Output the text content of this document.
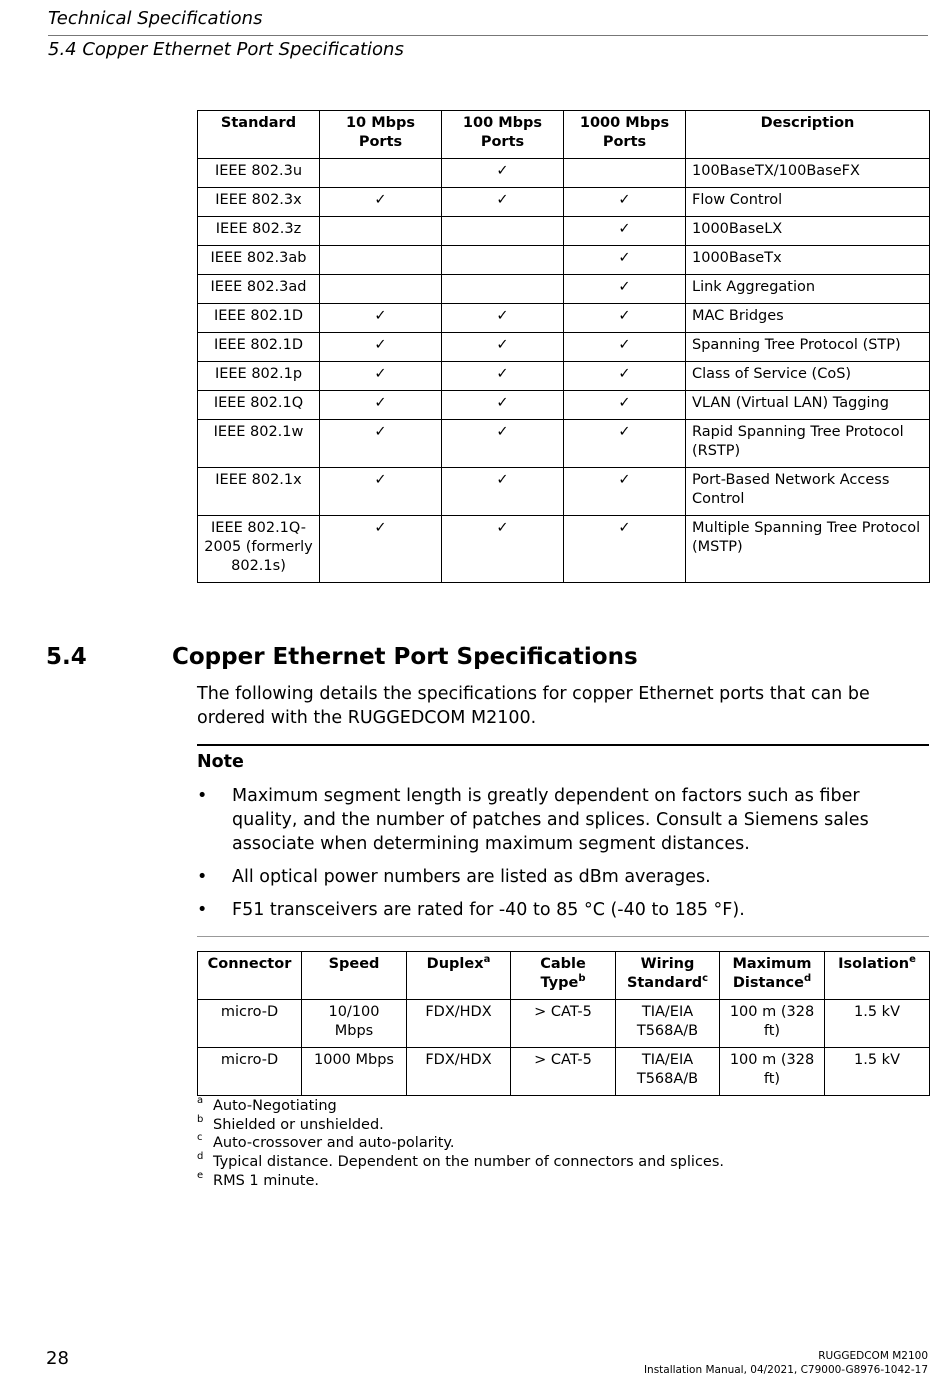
Technical Specifications
5.4 Copper Ethernet Port Specifications
Standard	10 Mbps Ports	100 Mbps Ports	1000 Mbps Ports	Description
IEEE 802.3u		✓		100BaseTX/100BaseFX
IEEE 802.3x	✓	✓	✓	Flow Control
IEEE 802.3z			✓	1000BaseLX
IEEE 802.3ab			✓	1000BaseTx
IEEE 802.3ad			✓	Link Aggregation
IEEE 802.1D	✓	✓	✓	MAC Bridges
IEEE 802.1D	✓	✓	✓	Spanning Tree Protocol (STP)
IEEE 802.1p	✓	✓	✓	Class of Service (CoS)
IEEE 802.1Q	✓	✓	✓	VLAN (Virtual LAN) Tagging
IEEE 802.1w	✓	✓	✓	Rapid Spanning Tree Protocol (RSTP)
IEEE 802.1x	✓	✓	✓	Port-Based Network Access Control
IEEE 802.1Q-2005 (formerly 802.1s)	✓	✓	✓	Multiple Spanning Tree Protocol (MSTP)
5.4	Copper Ethernet Port Specifications
The following details the specifications for copper Ethernet ports that can be ordered with the RUGGEDCOM M2100.
Note
• Maximum segment length is greatly dependent on factors such as fiber quality, and the number of patches and splices. Consult a Siemens sales associate when determining maximum segment distances.
• All optical power numbers are listed as dBm averages.
• F51 transceivers are rated for -40 to 85 °C (-40 to 185 °F).
Connector	Speed	Duplex$^a$	Cable Type$^b$	Wiring Standard$^c$	Maximum Distance$^d$	Isolation$^e$
micro-D	10/100 Mbps	FDX/HDX	> CAT-5	TIA/EIA T568A/B	100 m (328 ft)	1.5 kV
micro-D	1000 Mbps	FDX/HDX	> CAT-5	TIA/EIA T568A/B	100 m (328 ft)	1.5 kV
a Auto-Negotiating
b Shielded or unshielded.
c Auto-crossover and auto-polarity.
d Typical distance. Dependent on the number of connectors and splices.
e RMS 1 minute.
28	RUGGEDCOM M2100
Installation Manual, 04/2021, C79000-G8976-1042-17
